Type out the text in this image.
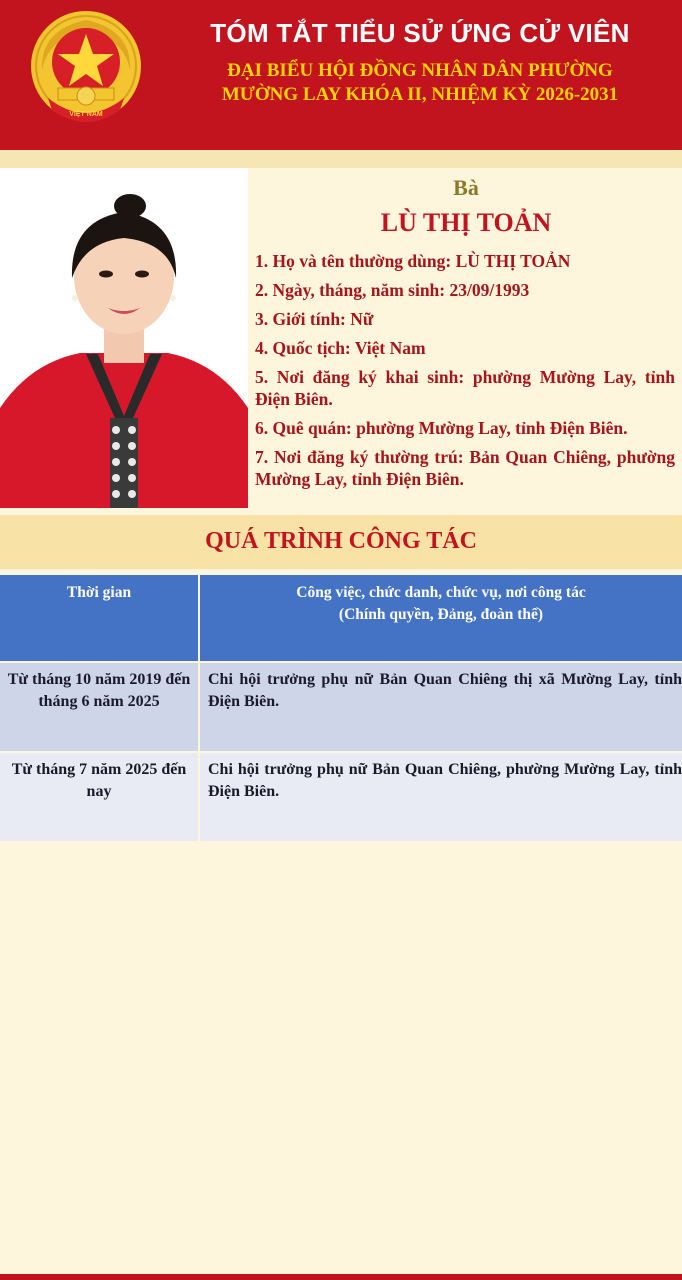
VIỆT NAM
TÓM TẮT TIỂU SỬ ỨNG CỬ VIÊN
ĐẠI BIỂU HỘI ĐỒNG NHÂN DÂN PHƯỜNG
MƯỜNG LAY KHÓA II, NHIỆM KỲ 2026-2031
Bà
LÙ THỊ TOẢN
1. Họ và tên thường dùng: LÙ THỊ TOẢN
2. Ngày, tháng, năm sinh: 23/09/1993
3. Giới tính: Nữ
4. Quốc tịch: Việt Nam
5. Nơi đăng ký khai sinh: phường Mường Lay, tỉnh Điện Biên.
6. Quê quán: phường Mường Lay, tỉnh Điện Biên.
7. Nơi đăng ký thường trú: Bản Quan Chiêng, phường Mường Lay, tỉnh Điện Biên.
QUÁ TRÌNH CÔNG TÁC
Thời gian	Công việc, chức danh, chức vụ, nơi công tác
(Chính quyền, Đảng, đoàn thể)
Từ tháng 10 năm 2019 đến tháng 6 năm 2025
Chi hội trưởng phụ nữ Bản Quan Chiêng thị xã Mường Lay, tỉnh Điện Biên.
Từ tháng 7 năm 2025 đến nay
Chi hội trưởng phụ nữ Bản Quan Chiêng, phường Mường Lay, tỉnh Điện Biên.
